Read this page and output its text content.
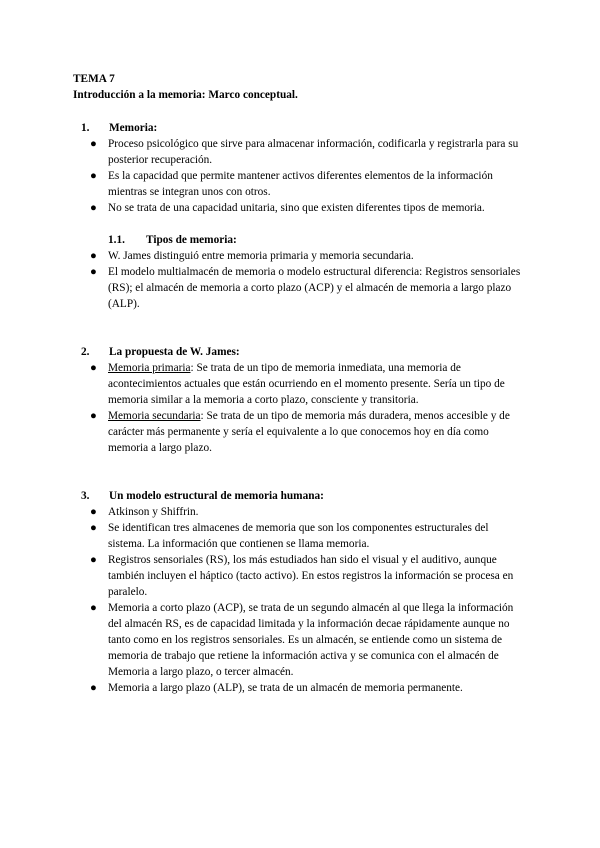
TEMA 7
Introducción a la memoria: Marco conceptual.
1. Memoria:
● Proceso psicológico que sirve para almacenar información, codificarla y registrarla para su posterior recuperación.
● Es la capacidad que permite mantener activos diferentes elementos de la información mientras se integran unos con otros.
● No se trata de una capacidad unitaria, sino que existen diferentes tipos de memoria.
1.1. Tipos de memoria:
● W. James distinguió entre memoria primaria y memoria secundaria.
● El modelo multialmacén de memoria o modelo estructural diferencia: Registros sensoriales (RS); el almacén de memoria a corto plazo (ACP) y el almacén de memoria a largo plazo (ALP).
2. La propuesta de W. James:
● Memoria primaria: Se trata de un tipo de memoria inmediata, una memoria de acontecimientos actuales que están ocurriendo en el momento presente. Sería un tipo de memoria similar a la memoria a corto plazo, consciente y transitoria.
● Memoria secundaria: Se trata de un tipo de memoria más duradera, menos accesible y de carácter más permanente y sería el equivalente a lo que conocemos hoy en día como memoria a largo plazo.
3. Un modelo estructural de memoria humana:
● Atkinson y Shiffrin.
● Se identifican tres almacenes de memoria que son los componentes estructurales del sistema. La información que contienen se llama memoria.
● Registros sensoriales (RS), los más estudiados han sido el visual y el auditivo, aunque también incluyen el háptico (tacto activo). En estos registros la información se procesa en paralelo.
● Memoria a corto plazo (ACP), se trata de un segundo almacén al que llega la información del almacén RS, es de capacidad limitada y la información decae rápidamente aunque no tanto como en los registros sensoriales. Es un almacén, se entiende como un sistema de memoria de trabajo que retiene la información activa y se comunica con el almacén de Memoria a largo plazo, o tercer almacén.
● Memoria a largo plazo (ALP), se trata de un almacén de memoria permanente.
